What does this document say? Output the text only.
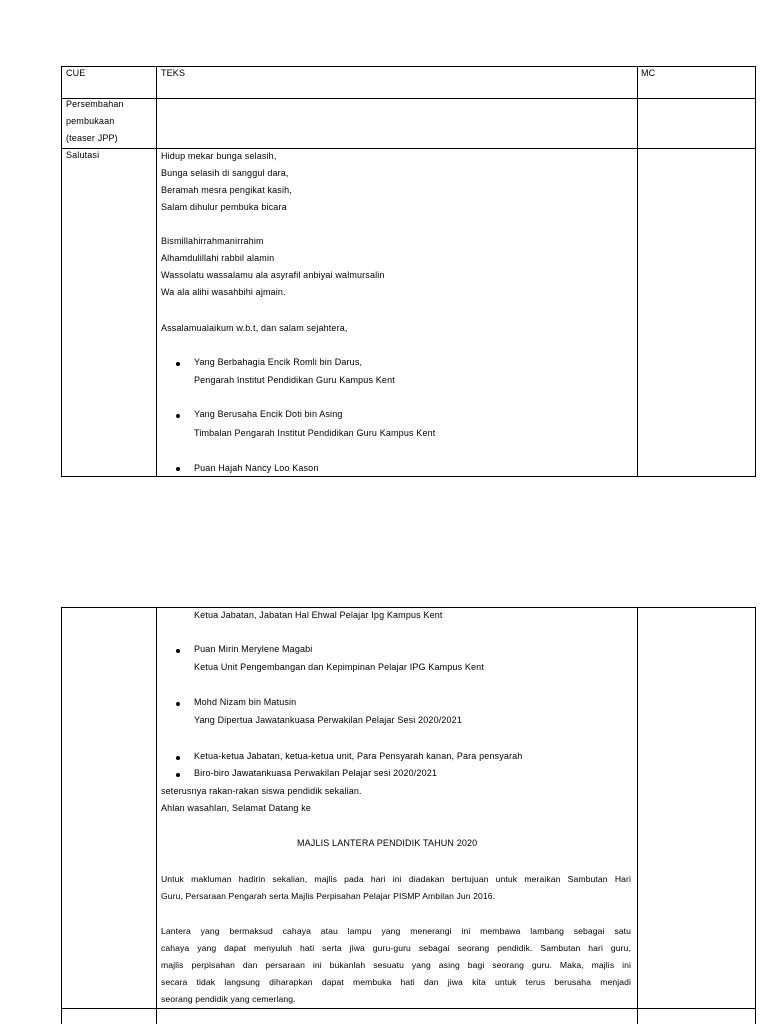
CUE	TEKS	MC
Persembahan
pembukaan
(teaser JPP)
Salutasi	Hidup mekar bunga selasih,
Bunga selasih di sanggul dara,
Beramah mesra pengikat kasih,
Salam dihulur pembuka bicara
Bismillahirrahmanirrahim
Alhamdulillahi rabbil alamin
Wassolatu wassalamu ala asyrafil anbiyai walmursalin
Wa ala alihi wasahbihi ajmain.
Assalamualaikum w.b.t, dan salam sejahtera,
Yang Berbahagia Encik Romli bin Darus,
Pengarah Institut Pendidikan Guru Kampus Kent
Yang Berusaha Encik Doti bin Asing
Timbalan Pengarah Institut Pendidikan Guru Kampus Kent
Puan Hajah Nancy Loo Kason
Ketua Jabatan, Jabatan Hal Ehwal Pelajar Ipg Kampus Kent
Puan Mirin Merylene Magabi
Ketua Unit Pengembangan dan Kepimpinan Pelajar IPG Kampus Kent
Mohd Nizam bin Matusin
Yang Dipertua Jawatankuasa Perwakilan Pelajar Sesi 2020/2021
Ketua-ketua Jabatan, ketua-ketua unit, Para Pensyarah kanan, Para pensyarah
Biro-biro Jawatankuasa Perwakilan Pelajar sesi 2020/2021
seterusnya rakan-rakan siswa pendidik sekalian.
Ahlan wasahlan, Selamat Datang ke
MAJLIS LANTERA PENDIDIK TAHUN 2020
Untuk makluman hadirin sekalian, majlis pada hari ini diadakan bertujuan untuk meraikan Sambutan Hari
Guru, Persaraan Pengarah serta Majlis Perpisahan Pelajar PISMP Ambilan Jun 2016.
Lantera yang bermaksud cahaya atau lampu yang menerangi ini membawa lambang sebagai satu
cahaya yang dapat menyuluh hati serta jiwa guru-guru sebagai seorang pendidik. Sambutan hari guru,
majlis perpisahan dan persaraan ini bukanlah sesuatu yang asing bagi seorang guru. Maka, majlis ini
secara tidak langsung diharapkan dapat membuka hati dan jiwa kita untuk terus berusaha menjadi
seorang pendidik yang cemerlang.
